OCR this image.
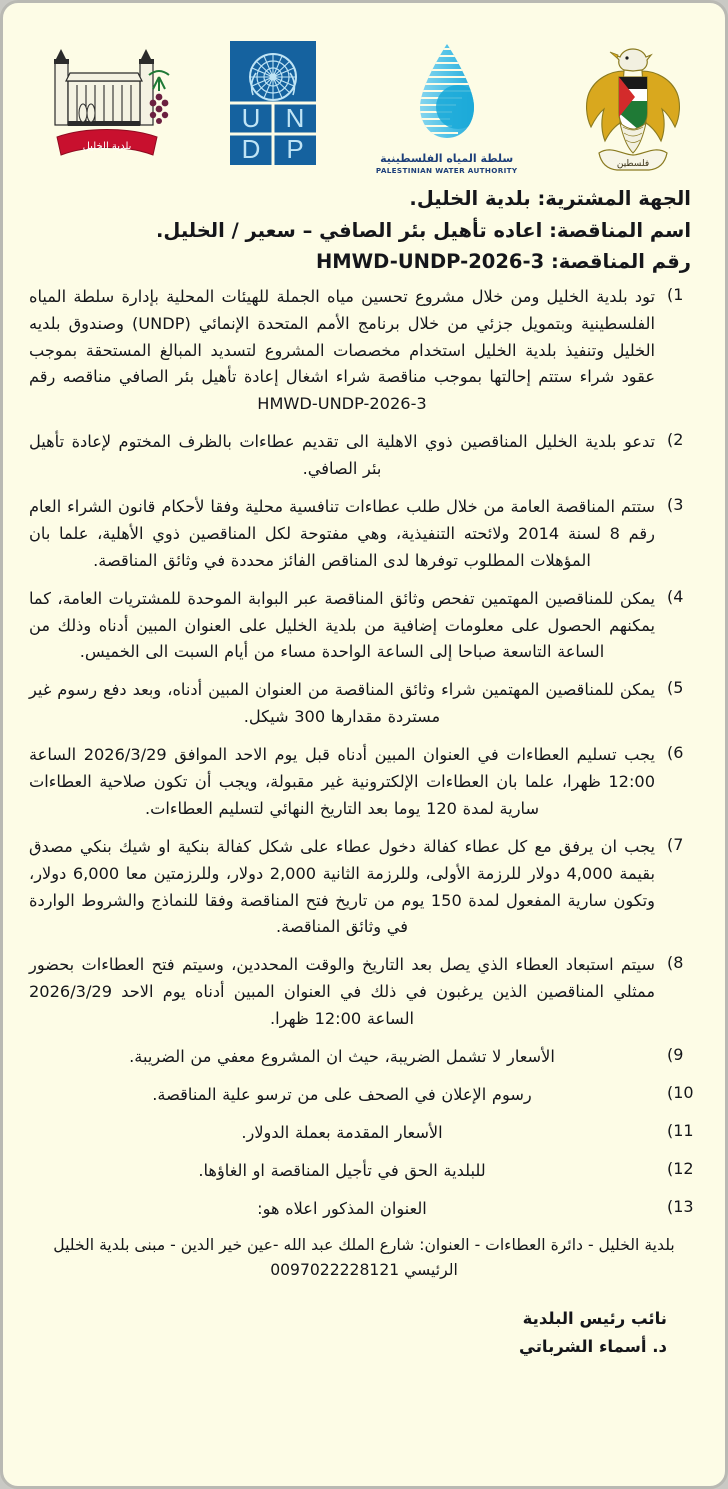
فلسطين
سلطة المياه الفلسطينية
PALESTINIAN WATER AUTHORITY
U N
D P
بلدية الخليل
الجهة المشترية: بلدية الخليل.
اسم المناقصة: اعاده تأهيل بئر الصافي – سعير / الخليل.
رقم المناقصة: HMWD-UNDP-2026-3
1)
تود بلدية الخليل ومن خلال مشروع تحسين مياه الجملة للهيئات المحلية بإدارة سلطة المياه الفلسطينية وبتمويل جزئي من خلال برنامج الأمم المتحدة الإنمائي (UNDP) وصندوق بلديه الخليل وتنفيذ بلدية الخليل استخدام مخصصات المشروع لتسديد المبالغ المستحقة بموجب عقود شراء ستتم إحالتها بموجب مناقصة شراء اشغال إعادة تأهيل بئر الصافي مناقصه رقم HMWD-UNDP-2026-3
2)
تدعو بلدية الخليل المناقصين ذوي الاهلية الى تقديم عطاءات بالظرف المختوم لإعادة تأهيل بئر الصافي.
3)
ستتم المناقصة العامة من خلال طلب عطاءات تنافسية محلية وفقا لأحكام قانون الشراء العام رقم 8 لسنة 2014 ولائحته التنفيذية، وهي مفتوحة لكل المناقصين ذوي الأهلية، علما بان المؤهلات المطلوب توفرها لدى المناقص الفائز محددة في وثائق المناقصة.
4)
يمكن للمناقصين المهتمين تفحص وثائق المناقصة عبر البوابة الموحدة للمشتريات العامة، كما يمكنهم الحصول على معلومات إضافية من بلدية الخليل على العنوان المبين أدناه وذلك من الساعة التاسعة صباحا إلى الساعة الواحدة مساء من أيام السبت الى الخميس.
5)
يمكن للمناقصين المهتمين شراء وثائق المناقصة من العنوان المبين أدناه، وبعد دفع رسوم غير مستردة مقدارها 300 شيكل.
6)
يجب تسليم العطاءات في العنوان المبين أدناه قبل يوم الاحد الموافق 2026/3/29 الساعة 12:00 ظهرا، علما بان العطاءات الإلكترونية غير مقبولة، ويجب أن تكون صلاحية العطاءات سارية لمدة 120 يوما بعد التاريخ النهائي لتسليم العطاءات.
7)
يجب ان يرفق مع كل عطاء كفالة دخول عطاء على شكل كفالة بنكية او شيك بنكي مصدق بقيمة 4,000 دولار للرزمة الأولى، وللرزمة الثانية 2,000 دولار، وللرزمتين معا 6,000 دولار، وتكون سارية المفعول لمدة 150 يوم من تاريخ فتح المناقصة وفقا للنماذج والشروط الواردة في وثائق المناقصة.
8)
سيتم استبعاد العطاء الذي يصل بعد التاريخ والوقت المحددين، وسيتم فتح العطاءات بحضور ممثلي المناقصين الذين يرغبون في ذلك في العنوان المبين أدناه يوم الاحد 2026/3/29 الساعة 12:00 ظهرا.
9)
الأسعار لا تشمل الضريبة، حيث ان المشروع معفي من الضريبة.
10)
رسوم الإعلان في الصحف على من ترسو علية المناقصة.
11)
الأسعار المقدمة بعملة الدولار.
12)
للبلدية الحق في تأجيل المناقصة او الغاؤها.
13)
العنوان المذكور اعلاه هو:
بلدية الخليل - دائرة العطاءات - العنوان: شارع الملك عبد الله -عين خير الدين - مبنى بلدية الخليل
الرئيسي 0097022228121
نائب رئيس البلدية
د. أسماء الشرباتي
